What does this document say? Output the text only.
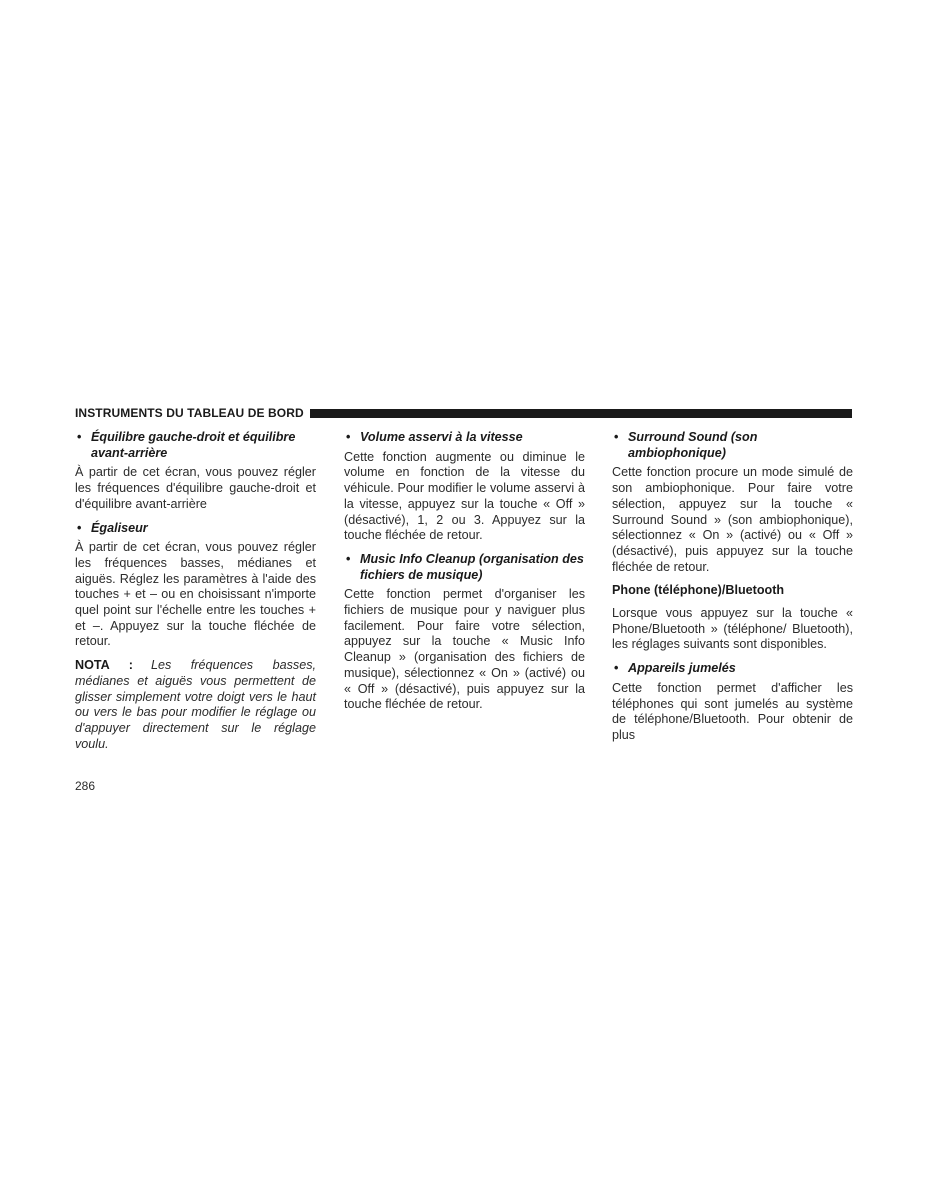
INSTRUMENTS DU TABLEAU DE BORD
• Équilibre gauche-droit et équilibre avant-arrière
À partir de cet écran, vous pouvez régler les fréquences d'équilibre gauche-droit et d'équilibre avant-arrière
• Égaliseur
À partir de cet écran, vous pouvez régler les fréquences basses, médianes et aiguës. Réglez les paramètres à l'aide des touches + et – ou en choisissant n'importe quel point sur l'échelle entre les touches + et –. Appuyez sur la touche fléchée de retour.
NOTA : Les fréquences basses, médianes et aiguës vous permettent de glisser simplement votre doigt vers le haut ou vers le bas pour modifier le réglage ou d'appuyer directement sur le réglage voulu.
• Volume asservi à la vitesse
Cette fonction augmente ou diminue le volume en fonction de la vitesse du véhicule. Pour modifier le volume asservi à la vitesse, appuyez sur la touche « Off » (désactivé), 1, 2 ou 3. Appuyez sur la touche fléchée de retour.
• Music Info Cleanup (organisation des fichiers de musique)
Cette fonction permet d'organiser les fichiers de musique pour y naviguer plus facilement. Pour faire votre sélection, appuyez sur la touche « Music Info Cleanup » (organisation des fichiers de musique), sélectionnez « On » (activé) ou « Off » (désactivé), puis appuyez sur la touche fléchée de retour.
• Surround Sound (son ambiophonique)
Cette fonction procure un mode simulé de son ambiophonique. Pour faire votre sélection, appuyez sur la touche « Surround Sound » (son ambiophonique), sélectionnez « On » (activé) ou « Off » (désactivé), puis appuyez sur la touche fléchée de retour.
Phone (téléphone)/Bluetooth
Lorsque vous appuyez sur la touche « Phone/Bluetooth » (téléphone/ Bluetooth), les réglages suivants sont disponibles.
• Appareils jumelés
Cette fonction permet d'afficher les téléphones qui sont jumelés au système de téléphone/Bluetooth. Pour obtenir de plus
286
